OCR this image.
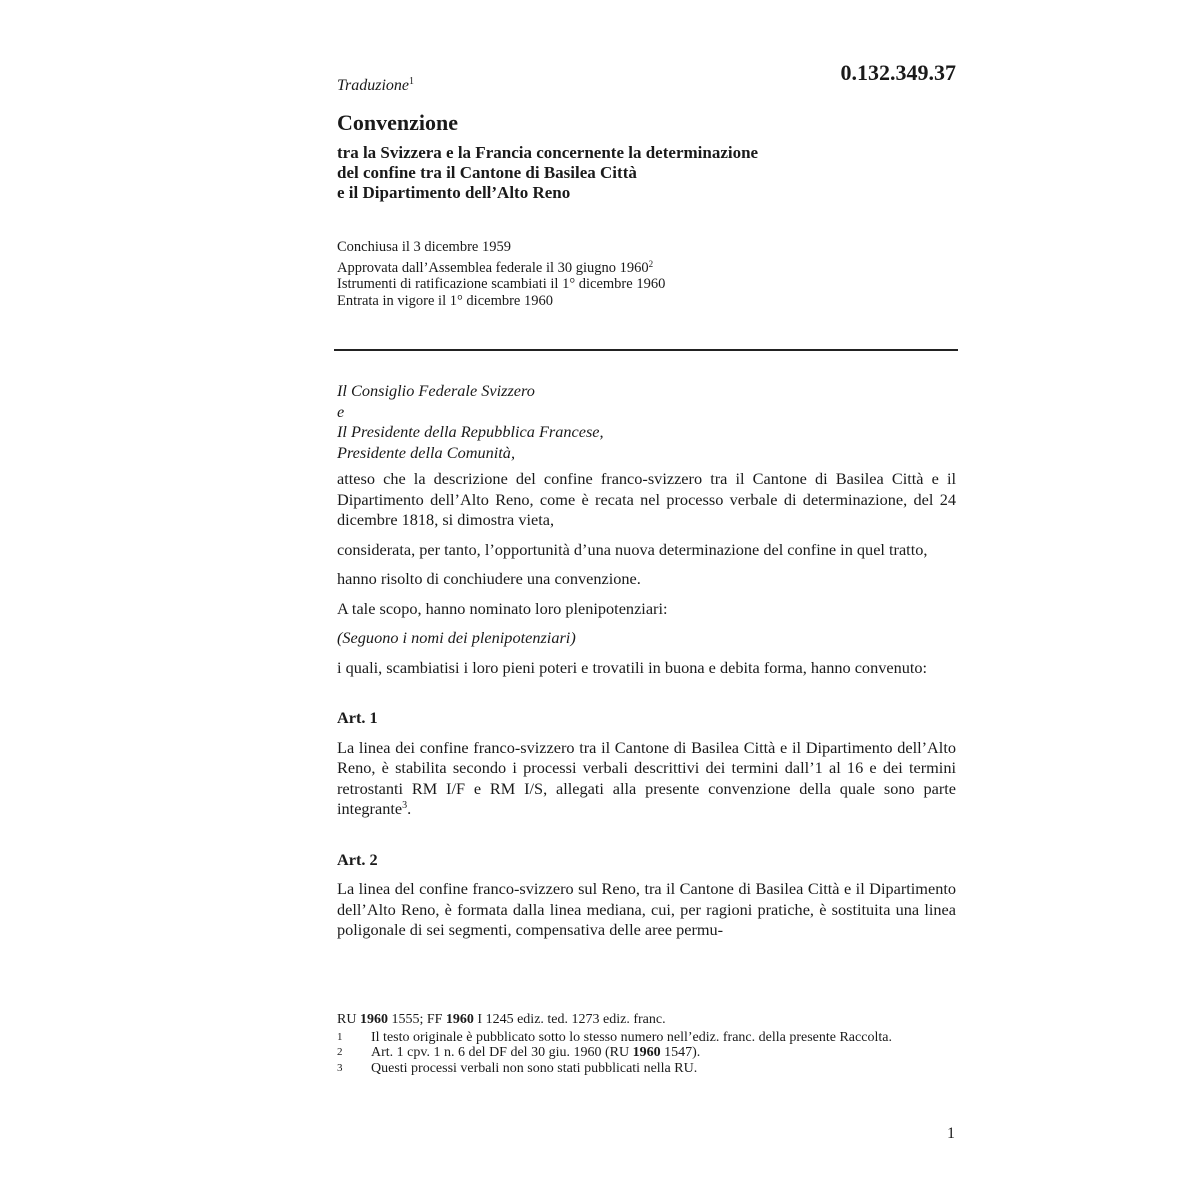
Traduzione$^1$	0.132.349.37

Convenzione
tra la Svizzera e la Francia concernente la determinazione
del confine tra il Cantone di Basilea Città
e il Dipartimento dell’Alto Reno
Conchiusa il 3 dicembre 1959
Approvata dall’Assemblea federale il 30 giugno 1960$^2$
Istrumenti di ratificazione scambiati il 1° dicembre 1960
Entrata in vigore il 1° dicembre 1960
Il Consiglio Federale Svizzero
e
Il Presidente della Repubblica Francese,
Presidente della Comunità,

atteso che la descrizione del confine franco-svizzero tra il Cantone di Basilea Città e il Dipartimento dell’Alto Reno, come è recata nel processo verbale di determinazione, del 24 dicembre 1818, si dimostra vieta,

considerata, per tanto, l’opportunità d’una nuova determinazione del confine in quel tratto,

hanno risolto di conchiudere una convenzione.

A tale scopo, hanno nominato loro plenipotenziari:

(Seguono i nomi dei plenipotenziari)

i quali, scambiatisi i loro pieni poteri e trovatili in buona e debita forma, hanno convenuto:

Art. 1

La linea dei confine franco-svizzero tra il Cantone di Basilea Città e il Dipartimento dell’Alto Reno, è stabilita secondo i processi verbali descrittivi dei termini dall’1 al 16 e dei termini retrostanti RM I/F e RM I/S, allegati alla presente convenzione della quale sono parte integrante$^3$.

Art. 2

La linea del confine franco-svizzero sul Reno, tra il Cantone di Basilea Città e il Dipartimento dell’Alto Reno, è formata dalla linea mediana, cui, per ragioni pratiche, è sostituita una linea poligonale di sei segmenti, compensativa delle aree permu-

RU 1960 1555; FF 1960 I 1245 ediz. ted. 1273 ediz. franc.
1	Il testo originale è pubblicato sotto lo stesso numero nell’ediz. franc. della presente Raccolta.
2	Art. 1 cpv. 1 n. 6 del DF del 30 giu. 1960 (RU 1960 1547).
3	Questi processi verbali non sono stati pubblicati nella RU.

1
